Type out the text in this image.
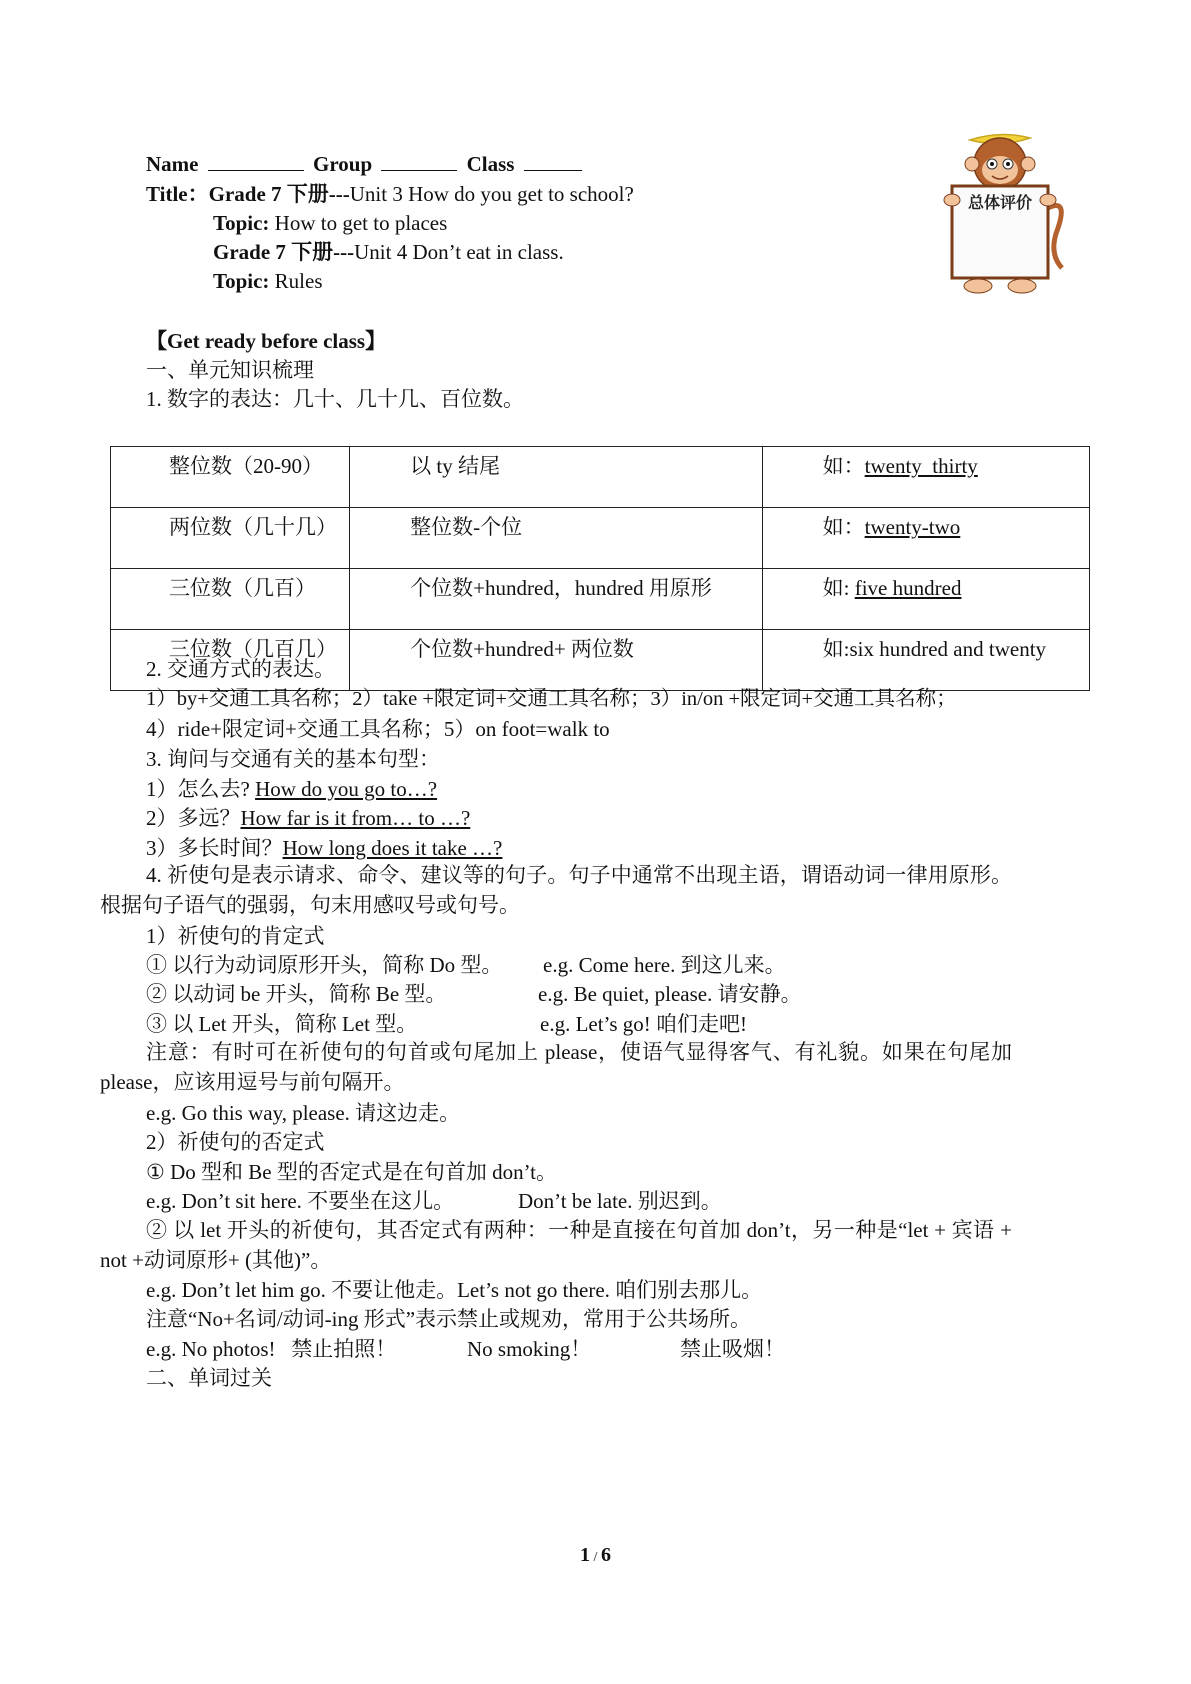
Name	Group	Class
Title：Grade 7 下册---Unit 3 How do you get to school?
Topic: How to get to places
Grade 7 下册---Unit 4 Don’t eat in class.
Topic: Rules
总体评价
【Get ready before class】
一、单元知识梳理
1. 数字的表达：几十、几十几、百位数。
整位数（20-90）	以 ty 结尾	如：twenty  thirty
两位数（几十几）	整位数-个位	如：twenty-two
三位数（几百）	个位数+hundred，hundred 用原形	如: five hundred
三位数（几百几）	个位数+hundred+ 两位数	如:six hundred and twenty
2. 交通方式的表达。
1）by+交通工具名称；2）take +限定词+交通工具名称；3）in/on +限定词+交通工具名称；
4）ride+限定词+交通工具名称；5）on foot=walk to
3. 询问与交通有关的基本句型：
1）怎么去? How do you go to…?
2）多远？How far is it from… to …?
3）多长时间？How long does it take …?
4. 祈使句是表示请求、命令、建议等的句子。句子中通常不出现主语，谓语动词一律用原形。根据句子语气的强弱，句末用感叹号或句号。
1）祈使句的肯定式
① 以行为动词原形开头，简称 Do 型。 e.g. Come here. 到这儿来。
② 以动词 be 开头，简称 Be 型。	e.g. Be quiet, please. 请安静。
③ 以 Let 开头，简称 Let 型。	e.g. Let’s go! 咱们走吧!
注意：有时可在祈使句的句首或句尾加上 please，使语气显得客气、有礼貌。如果在句尾加 please，应该用逗号与前句隔开。
e.g. Go this way, please. 请这边走。
2）祈使句的否定式
① Do 型和 Be 型的否定式是在句首加 don’t。
e.g. Don’t sit here. 不要坐在这儿。	Don’t be late. 别迟到。
② 以 let 开头的祈使句，其否定式有两种：一种是直接在句首加 don’t，另一种是“let + 宾语 + not +动词原形+ (其他)”。
e.g. Don’t let him go. 不要让他走。Let’s not go there. 咱们别去那儿。
注意“No+名词/动词-ing 形式”表示禁止或规劝，常用于公共场所。
e.g. No photos!   禁止拍照！	No smoking！	禁止吸烟！
二、单词过关
1 / 6
